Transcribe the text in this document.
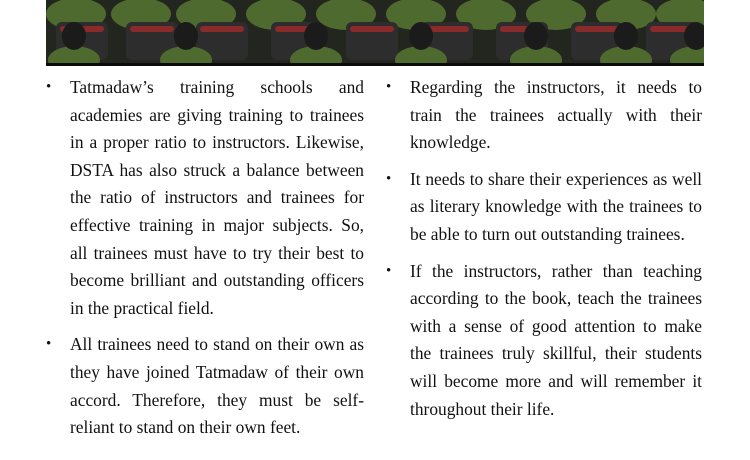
• Tatmadaw’s training schools and academies are giving training to trainees in a proper ratio to instructors. Likewise, DSTA has also struck a balance between the ratio of instructors and trainees for effective training in major subjects. So, all trainees must have to try their best to become brilliant and outstanding officers in the practical field.
• All trainees need to stand on their own as they have joined Tatmadaw of their own accord. Therefore, they must be self-reliant to stand on their own feet.
• Regarding the instructors, it needs to train the trainees actually with their knowledge.
• It needs to share their experiences as well as literary knowledge with the trainees to be able to turn out outstanding trainees.
• If the instructors, rather than teaching according to the book, teach the trainees with a sense of good attention to make the trainees truly skillful, their students will become more and will remember it throughout their life.
